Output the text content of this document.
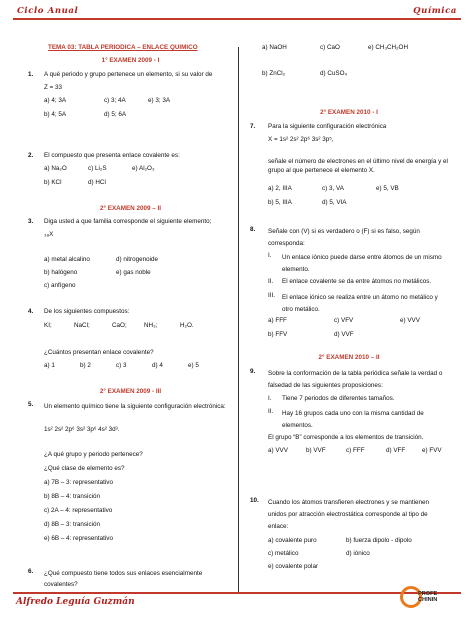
Ciclo Anual	Química
TEMA 03: TABLA PERIODICA – ENLACE QUIMICO
1° EXAMEN 2009 - I
1. A qué periodo y grupo pertenece un elemento, si su valor de
Z = 33
a) 4; 3A	c) 3; 4A	e) 3; 3A
b) 4; 5A	d) 5; 6A
2. El compuesto que presenta enlace covalente es:
a) Na₂O	c) Li₂S	e) Al₂O₃
b) KCl	d) HCl
2° EXAMEN 2009 – II
3. Diga usted a que familia corresponde el siguiente elemento;
₃₈X
a) metal alcalino	d) nitrogenoide
b) halógeno	e) gas noble
c) anfígeno
4. De los siguientes compuestos:
KI;	NaCl;	CaO;	NH₃;	H₂O.
¿Cuántos presentan enlace covalente?
a) 1	b) 2	c) 3	d) 4	e) 5
2° EXAMEN 2009 - III
5. Un elemento químico tiene la siguiente configuración electrónica:
1s² 2s² 2p⁶ 3s² 3p⁶ 4s² 3d³.
¿A qué grupo y periodo pertenece?
¿Qué clase de elemento es?
a) 7B – 3: representativo
b) 8B – 4: transición
c) 2A – 4: representativo
d) 8B – 3: transición
e) 6B – 4: representativo
6. ¿Qué compuesto tiene todos sus enlaces esencialmente covalentes?
a) NaOH	c) CaO	e) CH₃CH₂OH
b) ZnCl₂	d) CuSO₄
2° EXAMEN 2010 - I
7. Para la siguiente configuración electrónica
X = 1s² 2s² 2p⁶ 3s² 3p⁵,
señale el número de electrones en el último nivel de energía y el grupo al que pertenece el elemento X.
a) 2, IIIA	c) 3, VA	e) 5, VB
b) 5, IIIA	d) 5, VIA
8. Señale con (V) si es verdadero o (F) si es falso, según corresponda:
I. Un enlace iónico puede darse entre átomos de un mismo elemento.
II. El enlace covalente se da entre átomos no metálicos.
III. El enlace iónico se realiza entre un átomo no metálico y otro metálico.
a) FFF	c) VFV	e) VVV
b) FFV	d) VVF
2° EXAMEN 2010 – II
9. Sobre la conformación de la tabla periódica señale la verdad o falsedad de las siguientes proposiciones:
I. Tiene 7 periodos de diferentes tamaños.
II. Hay 16 grupos cada uno con la misma cantidad de elementos.
El grupo “B” corresponde a los elementos de transición.
a) VVV	b) VVF	c) FFF	d) VFF	e) FVV
10. Cuando los átomos transfieren electrones y se mantienen unidos por atracción electrostática corresponde al tipo de enlace:
a) covalente puro	b) fuerza dipolo - dipolo
c) metálico	d) iónico
e) covalente polar
Alfredo Leguía Guzmán
PROFE
CHININ
